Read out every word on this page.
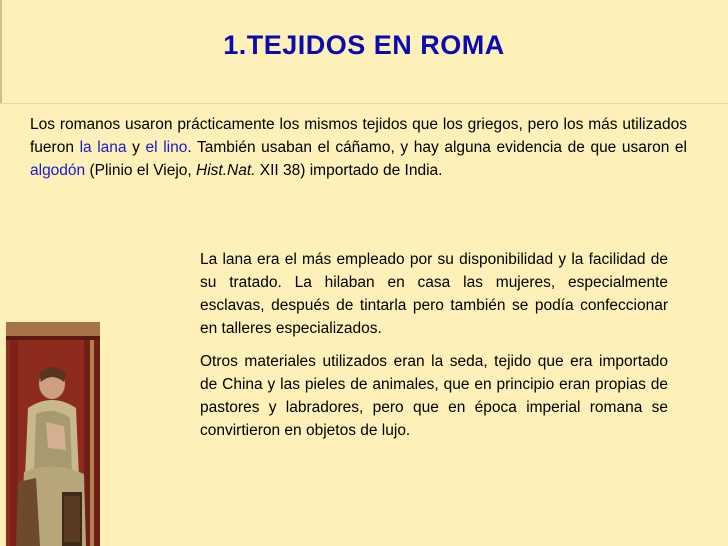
1.TEJIDOS EN ROMA
Los romanos usaron prácticamente los mismos tejidos que los griegos, pero los más utilizados fueron la lana y el lino. También usaban el cáñamo, y hay alguna evidencia de que usaron el algodón (Plinio el Viejo, Hist.Nat. XII 38) importado de India.

La lana era el más empleado por su disponibilidad y la facilidad de su tratado. La hilaban en casa las mujeres, especialmente esclavas, después de tintarla pero también se podía confeccionar en talleres especializados.

Otros materiales utilizados eran la seda, tejido que era importado de China y las pieles de animales, que en principio eran propias de pastores y labradores, pero que en época imperial romana se convirtieron en objetos de lujo.
